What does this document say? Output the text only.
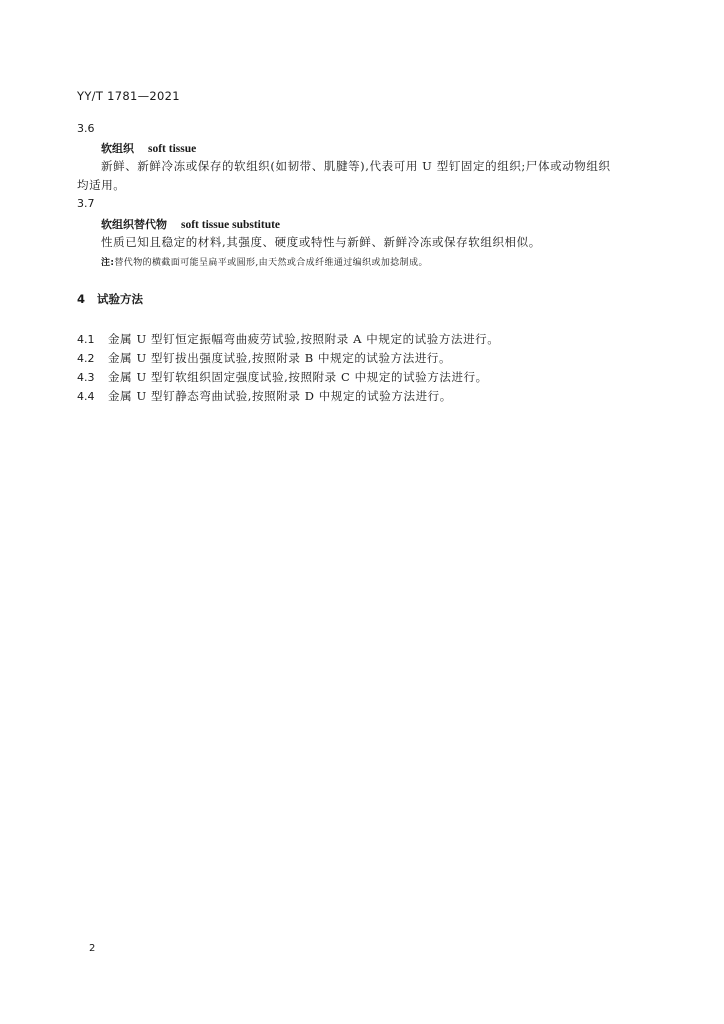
YY/T 1781—2021
3.6
软组织 soft tissue
新鲜、新鲜冷冻或保存的软组织(如韧带、肌腱等),代表可用 U 型钉固定的组织;尸体或动物组织
均适用。
3.7
软组织替代物 soft tissue substitute
性质已知且稳定的材料,其强度、硬度或特性与新鲜、新鲜冷冻或保存软组织相似。
注:替代物的横截面可能呈扁平或圆形,由天然或合成纤维通过编织或加捻制成。
4 试验方法
4.1 金属 U 型钉恒定振幅弯曲疲劳试验,按照附录 A 中规定的试验方法进行。
4.2 金属 U 型钉拔出强度试验,按照附录 B 中规定的试验方法进行。
4.3 金属 U 型钉软组织固定强度试验,按照附录 C 中规定的试验方法进行。
4.4 金属 U 型钉静态弯曲试验,按照附录 D 中规定的试验方法进行。
2
